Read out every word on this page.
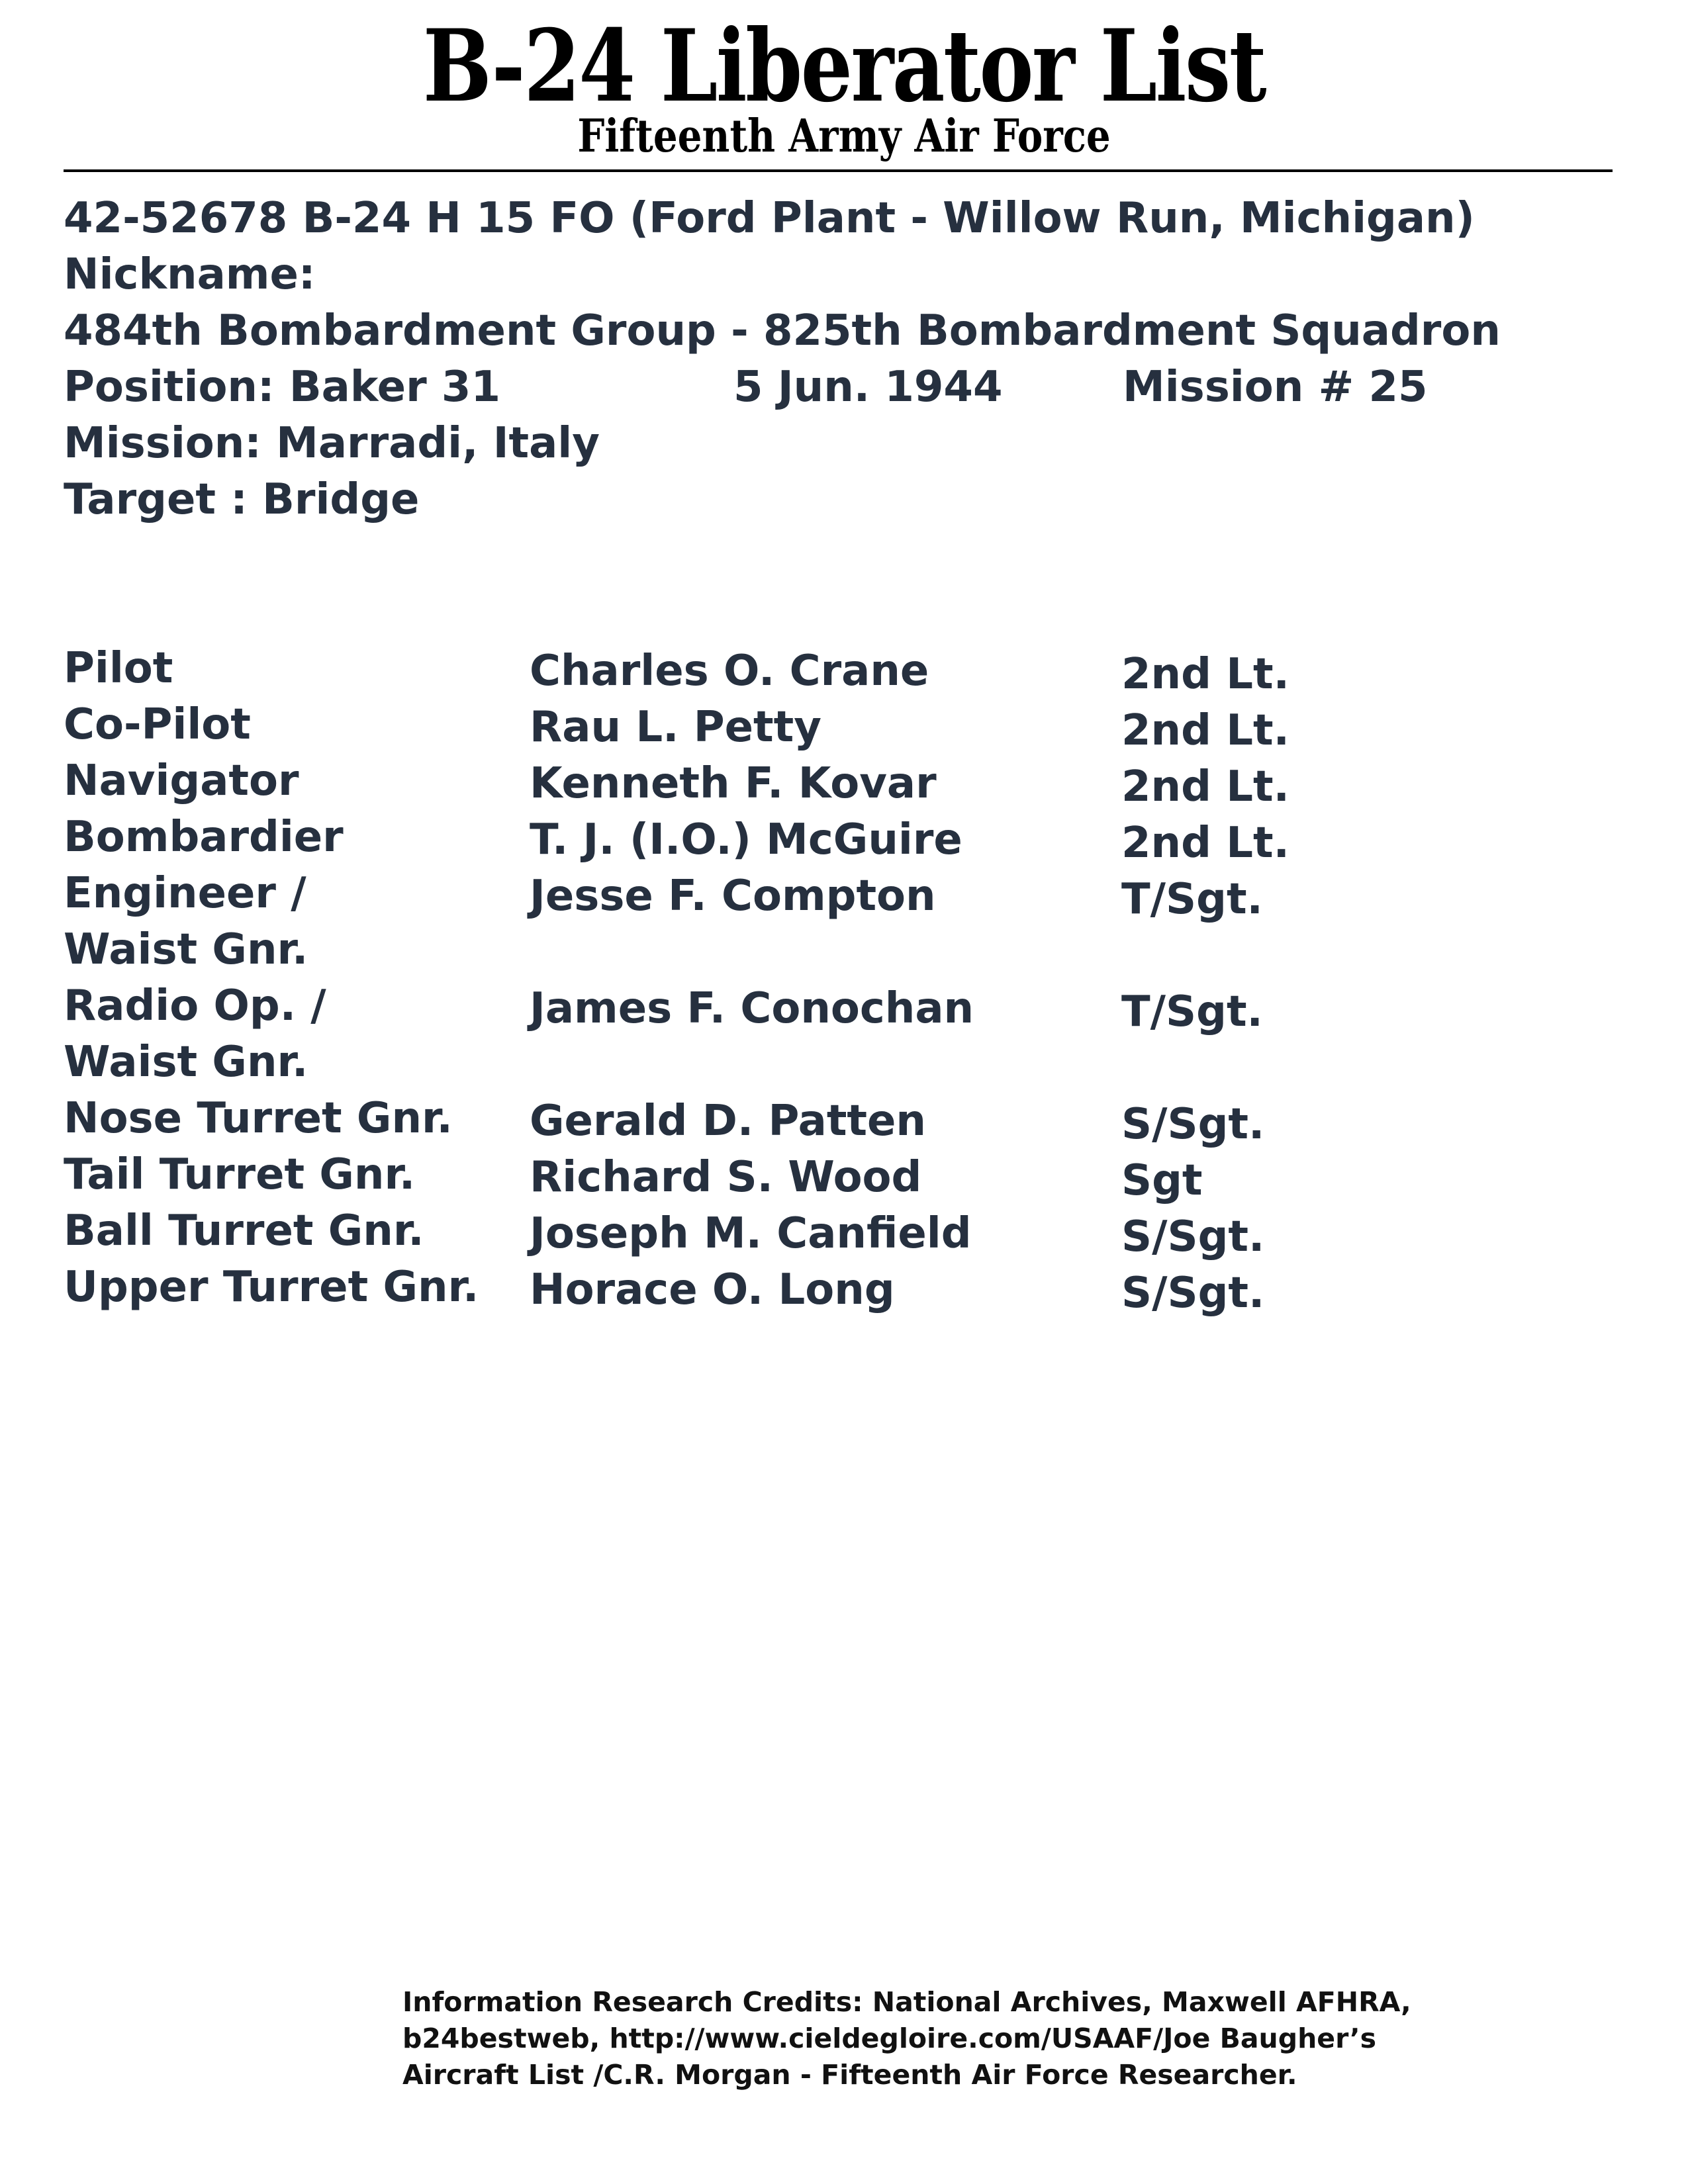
B-24 Liberator List
Fifteenth Army Air Force
42-52678 B-24 H 15 FO (Ford Plant - Willow Run, Michigan)
Nickname:
484th Bombardment Group - 825th Bombardment Squadron
Position: Baker 31	5 Jun. 1944	Mission # 25
Mission: Marradi, Italy
Target : Bridge
Pilot
Co-Pilot
Navigator
Bombardier
Engineer /
Waist Gnr.
Radio Op. /
Waist Gnr.
Nose Turret Gnr.
Tail Turret Gnr.
Ball Turret Gnr.
Upper Turret Gnr.
Charles O. Crane
Rau L. Petty
Kenneth F. Kovar
T. J. (I.O.) McGuire
Jesse F. Compton
James F. Conochan
Gerald D. Patten
Richard S. Wood
Joseph M. Canfield
Horace O. Long
2nd Lt.
2nd Lt.
2nd Lt.
2nd Lt.
T/Sgt.
T/Sgt.
S/Sgt.
Sgt
S/Sgt.
S/Sgt.
Information Research Credits: National Archives, Maxwell AFHRA,
b24bestweb, http://www.cieldegloire.com/USAAF/Joe Baugher’s
Aircraft List /C.R. Morgan - Fifteenth Air Force Researcher.
